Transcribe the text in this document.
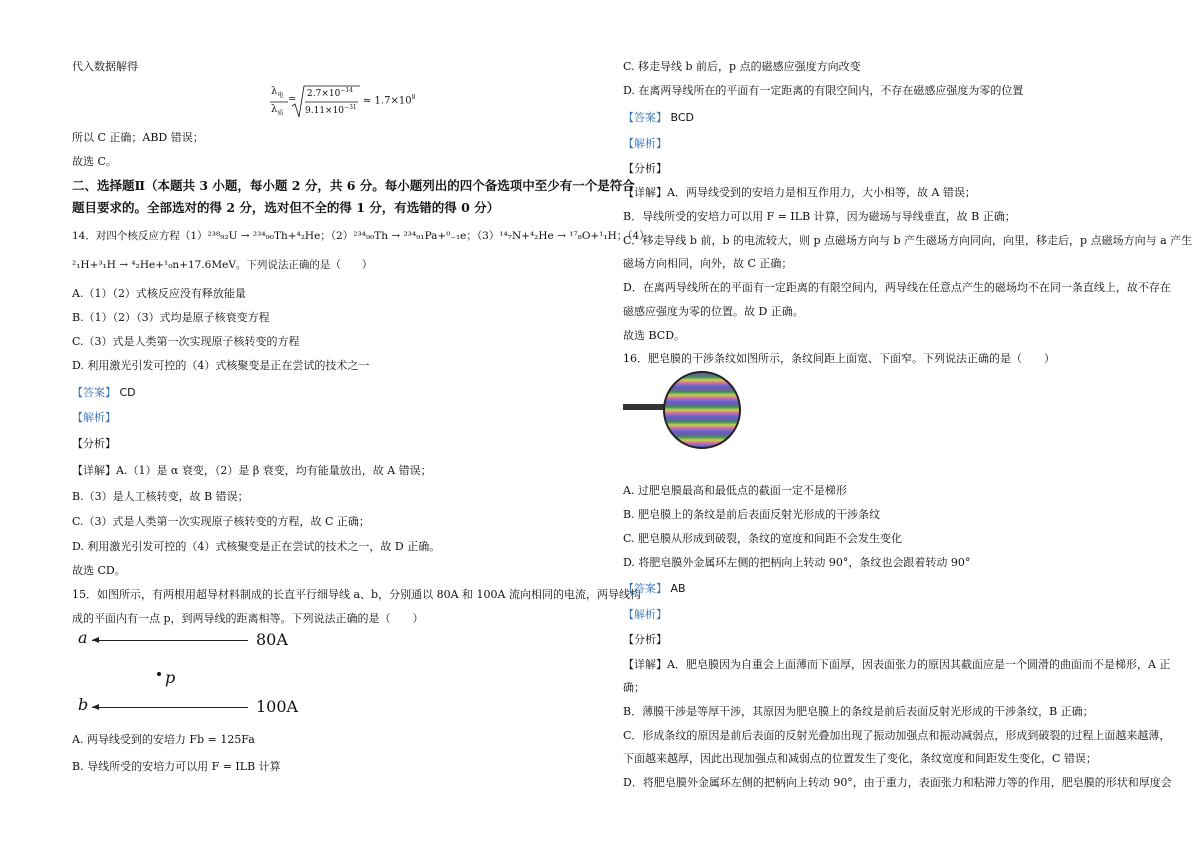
代入数据解得
$\lambda_电$
$\lambda_质$
= $2.7\times 10^{-14}$
$9.11\times 10^{-31}$
≈ $1.7\times 10^8$
所以 C 正确；ABD 错误；
故选 C。
二、选择题Ⅱ（本题共 3 小题，每小题 2 分，共 6 分。每小题列出的四个备选项中至少有一个是符合
题目要求的。全部选对的得 2 分，选对但不全的得 1 分，有选错的得 0 分）
14．对四个核反应方程（1）²³⁸₉₂U → ²³⁴₉₀Th+⁴₂He；（2）²³⁴₉₀Th → ²³⁴₉₁Pa+⁰₋₁e；（3）¹⁴₇N+⁴₂He → ¹⁷₈O+¹₁H；（4）
²₁H+³₁H → ⁴₂He+¹₀n+17.6MeV。下列说法正确的是（　　）
A.（1）（2）式核反应没有释放能量
B.（1）（2）（3）式均是原子核衰变方程
C.（3）式是人类第一次实现原子核转变的方程
D. 利用激光引发可控的（4）式核聚变是正在尝试的技术之一
【答案】 CD
【解析】
【分析】
【详解】A.（1）是 α 衰变，（2）是 β 衰变，均有能量放出，故 A 错误；
B.（3）是人工核转变，故 B 错误；
C.（3）式是人类第一次实现原子核转变的方程，故 C 正确；
D. 利用激光引发可控的（4）式核聚变是正在尝试的技术之一，故 D 正确。
故选 CD。
15．如图所示，有两根用超导材料制成的长直平行细导线 a、b，分别通以 80A 和 100A 流向相同的电流，两导线构
成的平面内有一点 p，到两导线的距离相等。下列说法正确的是（　　）
a	80A
p
b	100A
A. 两导线受到的安培力 Fb = 125Fa
B. 导线所受的安培力可以用 F = ILB 计算
C. 移走导线 b 前后，p 点的磁感应强度方向改变
D. 在离两导线所在的平面有一定距离的有限空间内，不存在磁感应强度为零的位置
【答案】 BCD
【解析】
【分析】
【详解】A．两导线受到的安培力是相互作用力，大小相等，故 A 错误；
B．导线所受的安培力可以用 F = ILB 计算，因为磁场与导线垂直，故 B 正确；
C．移走导线 b 前，b 的电流较大，则 p 点磁场方向与 b 产生磁场方向同向，向里，移走后，p 点磁场方向与 a 产生
磁场方向相同，向外，故 C 正确；
D．在离两导线所在的平面有一定距离的有限空间内，两导线在任意点产生的磁场均不在同一条直线上，故不存在
磁感应强度为零的位置。故 D 正确。
故选 BCD。
16．肥皂膜的干涉条纹如图所示，条纹间距上面宽、下面窄。下列说法正确的是（　　）
A. 过肥皂膜最高和最低点的截面一定不是梯形
B. 肥皂膜上的条纹是前后表面反射光形成的干涉条纹
C. 肥皂膜从形成到破裂，条纹的宽度和间距不会发生变化
D. 将肥皂膜外金属环左侧的把柄向上转动 90°，条纹也会跟着转动 90°
【答案】 AB
【解析】
【分析】
【详解】A．肥皂膜因为自重会上面薄而下面厚，因表面张力的原因其截面应是一个圆滑的曲面而不是梯形，A 正
确；
B．薄膜干涉是等厚干涉，其原因为肥皂膜上的条纹是前后表面反射光形成的干涉条纹，B 正确；
C．形成条纹的原因是前后表面的反射光叠加出现了振动加强点和振动减弱点，形成到破裂的过程上面越来越薄，
下面越来越厚，因此出现加强点和减弱点的位置发生了变化，条纹宽度和间距发生变化，C 错误；
D．将肥皂膜外金属环左侧的把柄向上转动 90°，由于重力，表面张力和粘滞力等的作用，肥皂膜的形状和厚度会
